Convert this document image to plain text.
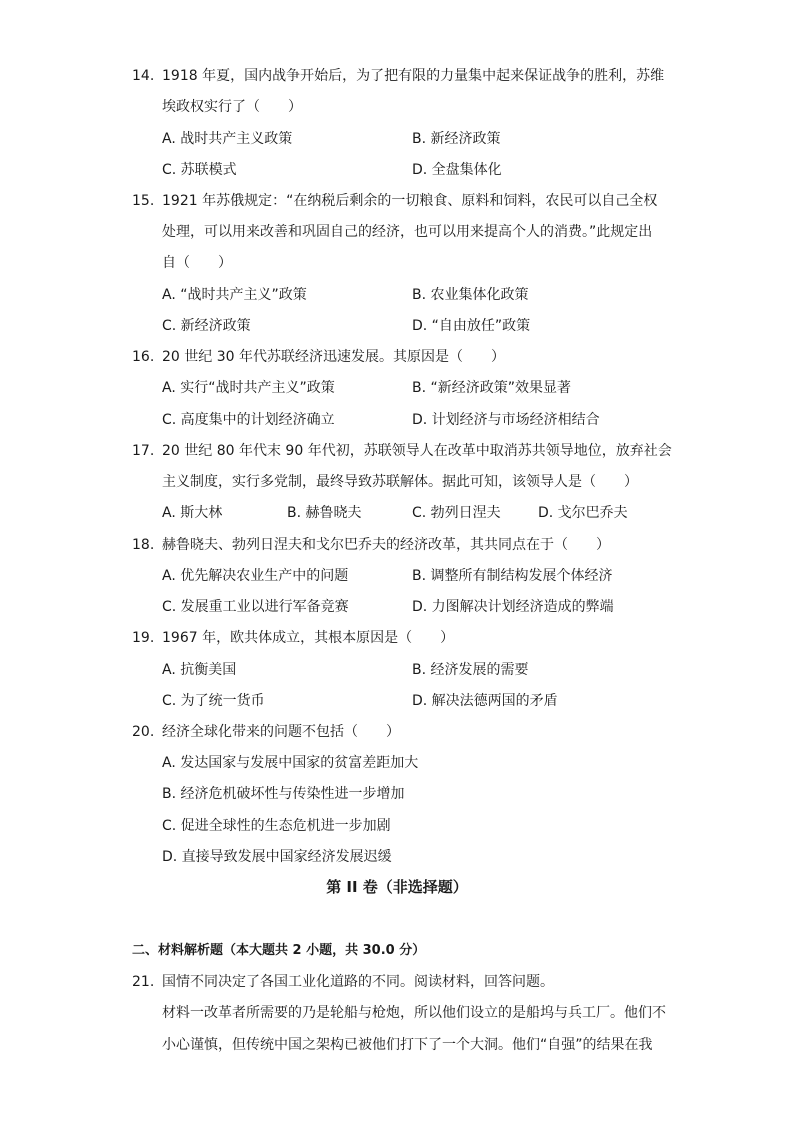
14. 1918 年夏，国内战争开始后，为了把有限的力量集中起来保证战争的胜利，苏维
埃政权实行了（　　）
A. 战时共产主义政策	B. 新经济政策
C. 苏联模式	D. 全盘集体化
15. 1921 年苏俄规定：“在纳税后剩余的一切粮食、原料和饲料，农民可以自己全权
处理，可以用来改善和巩固自己的经济，也可以用来提高个人的消费。”此规定出
自（　　）
A. “战时共产主义”政策	B. 农业集体化政策
C. 新经济政策	D. “自由放任”政策
16. 20 世纪 30 年代苏联经济迅速发展。其原因是（　　）
A. 实行“战时共产主义”政策	B. “新经济政策”效果显著
C. 高度集中的计划经济确立	D. 计划经济与市场经济相结合
17. 20 世纪 80 年代末 90 年代初，苏联领导人在改革中取消苏共领导地位，放弃社会
主义制度，实行多党制，最终导致苏联解体。据此可知，该领导人是（　　）
A. 斯大林	B. 赫鲁晓夫	C. 勃列日涅夫	D. 戈尔巴乔夫
18. 赫鲁晓夫、勃列日涅夫和戈尔巴乔夫的经济改革，其共同点在于（　　）
A. 优先解决农业生产中的问题	B. 调整所有制结构发展个体经济
C. 发展重工业以进行军备竞赛	D. 力图解决计划经济造成的弊端
19. 1967 年，欧共体成立，其根本原因是（　　）
A. 抗衡美国	B. 经济发展的需要
C. 为了统一货币	D. 解决法德两国的矛盾
20. 经济全球化带来的问题不包括（　　）
A. 发达国家与发展中国家的贫富差距加大
B. 经济危机破坏性与传染性进一步增加
C. 促进全球性的生态危机进一步加剧
D. 直接导致发展中国家经济发展迟缓
第 II 卷（非选择题）
二、材料解析题（本大题共 2 小题，共 30.0 分）
21. 国情不同决定了各国工业化道路的不同。阅读材料，回答问题。
材料一改革者所需要的乃是轮船与枪炮，所以他们设立的是船坞与兵工厂。他们不
小心谨慎，但传统中国之架构已被他们打下了一个大洞。他们“自强”的结果在我
